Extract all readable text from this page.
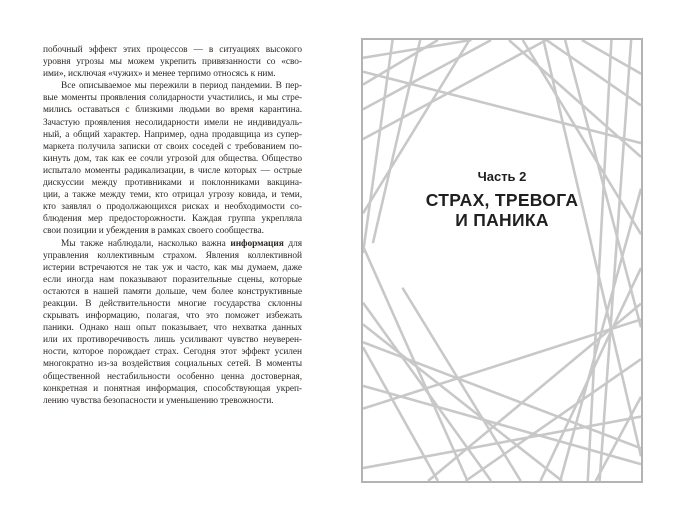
побочный эффект этих процессов — в ситуациях высокого
уровня угрозы мы можем укрепить привязанности со «сво-
ими», исключая «чужих» и менее терпимо относясь к ним.
Все описываемое мы пережили в период пандемии. В пер-
вые моменты проявления солидарности участились, и мы стре-
мились оставаться с близкими людьми во время карантина.
Зачастую проявления несолидарности имели не индивидуаль-
ный, а общий характер. Например, одна продавщица из супер-
маркета получила записки от своих соседей с требованием по-
кинуть дом, так как ее сочли угрозой для общества. Общество
испытало моменты радикализации, в числе которых — острые
дискуссии между противниками и поклонниками вакцина-
ции, а также между теми, кто отрицал угрозу ковида, и теми,
кто заявлял о продолжающихся рисках и необходимости со-
блюдения мер предосторожности. Каждая группа укрепляла
свои позиции и убеждения в рамках своего сообщества.
Мы также наблюдали, насколько важна информация для
управления коллективным страхом. Явления коллективной
истерии встречаются не так уж и часто, как мы думаем, даже
если иногда нам показывают поразительные сцены, которые
остаются в нашей памяти дольше, чем более конструктивные
реакции. В действительности многие государства склонны
скрывать информацию, полагая, что это поможет избежать
паники. Однако наш опыт показывает, что нехватка данных
или их противоречивость лишь усиливают чувство неуверен-
ности, которое порождает страх. Сегодня этот эффект усилен
многократно из-за воздействия социальных сетей. В моменты
общественной нестабильности особенно ценна достоверная,
конкретная и понятная информация, способствующая укреп-
лению чувства безопасности и уменьшению тревожности.
Часть 2
СТРАХ, ТРЕВОГА
И ПАНИКА
